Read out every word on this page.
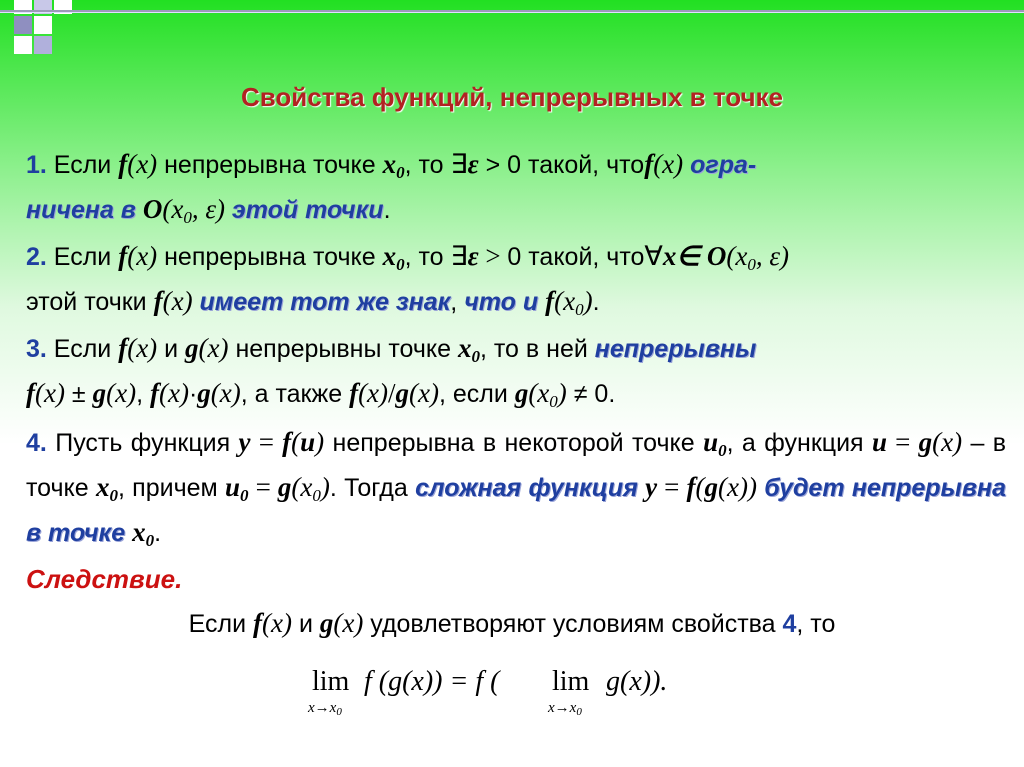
Свойства функций, непрерывных в точке
1. Если f(x) непрерывна точке $x_0$, то ∃ε > 0 такой, чтоf(x) огра-
ничена в $O(x_0$, ε) этой точки.
2. Если f(x) непрерывна точке $x_0$, то ∃ε > 0 такой, что∀x∈ $O(x_0$, ε)
этой точки f(x) имеет тот же знак, что и $f(x_0)$.
3. Если f(x) и g(x) непрерывны точке $x_0$, то в ней непрерывны
f(x) ± g(x), f(x)·g(x), а также f(x)/g(x), если $g(x_0) \ne 0$.
4. Пусть функция y = f(u) непрерывна в некоторой точке $u_0$, а функция u = g(x) – в точке $x_0$, причем $u_0 = g(x_0)$. Тогда сложная функция y = f(g(x)) будет непрерывна в точке $x_0$.
Следствие.
Если f(x) и g(x) удовлетворяют условиям свойства 4, то
lim
$x\to x_0$
f (g(x)) = f ( lim
$x\to x_0$
g(x)).
